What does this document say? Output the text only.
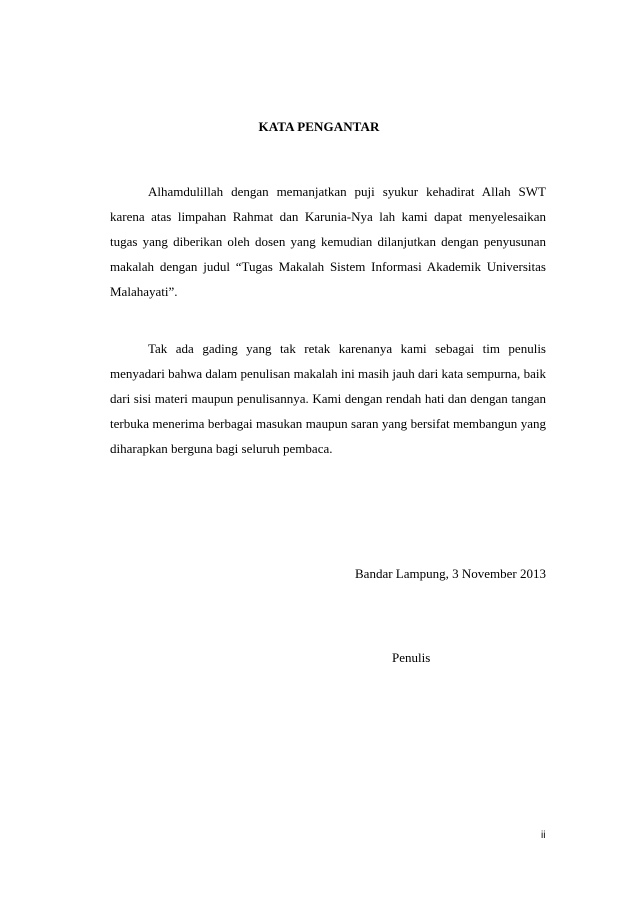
KATA PENGANTAR

Alhamdulillah dengan memanjatkan puji syukur kehadirat Allah SWT karena atas limpahan Rahmat dan Karunia-Nya lah kami dapat menyelesaikan tugas yang diberikan oleh dosen yang kemudian dilanjutkan dengan penyusunan makalah dengan judul “Tugas Makalah Sistem Informasi Akademik Universitas Malahayati”.

Tak ada gading yang tak retak karenanya kami sebagai tim penulis menyadari bahwa dalam penulisan makalah ini masih jauh dari kata sempurna, baik dari sisi materi maupun penulisannya. Kami dengan rendah hati dan dengan tangan terbuka menerima berbagai masukan maupun saran yang bersifat membangun yang diharapkan berguna bagi seluruh pembaca.

Bandar Lampung, 3 November 2013

Penulis

ii
